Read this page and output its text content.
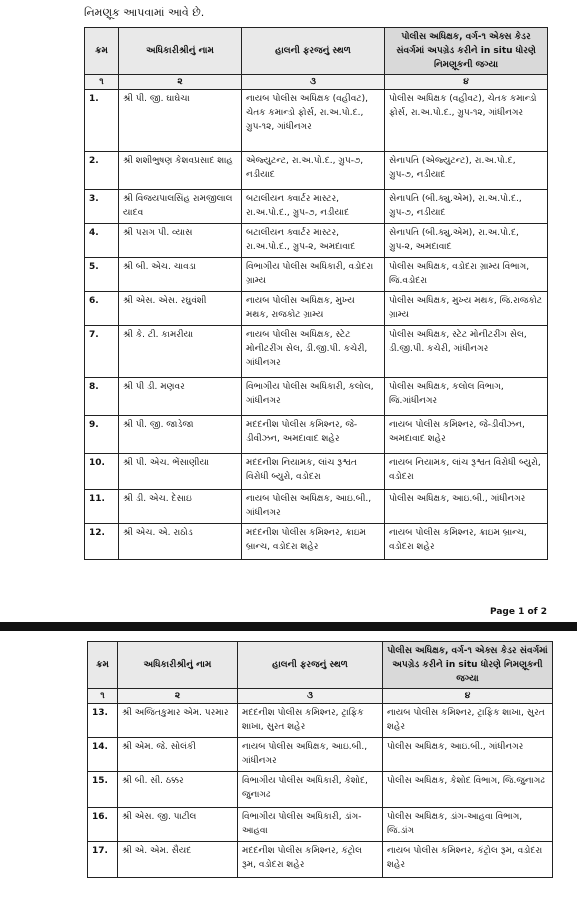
નિમણૂક આપવામાં આવે છે.
ક્રમ	અધિકારીશ્રીનું નામ	હાલની ફરજનું સ્થળ	પોલીસ અધિક્ષક, વર્ગ-૧ એક્સ કેડર સંવર્ગમાં અપગ્રેડ કરીને in situ ધોરણે નિમણૂકની જગ્યા
૧	૨	૩	૪
1.	શ્રી પી. જી. ઘાઘેચા	નાયબ પોલીસ અધિક્ષક (વહીવટ), ચેતક કમાન્ડો ફોર્સ, રા.અ.પો.દ., ગ્રુપ-૧૨, ગાંધીનગર	પોલીસ અધિક્ષક (વહીવટ), ચેતક કમાન્ડો ફોર્સ, રા.અ.પો.દ., ગ્રુપ-૧૨, ગાંધીનગર
2.	શ્રી શશીભુષણ કેશવપ્રસાદ શાહ	એજ્યુટન્ટ, રા.અ.પો.દ., ગ્રુપ-૭, નડીયાદ	સેનાપતિ (એજ્યુટન્ટ), રા.અ.પો.દ, ગ્રુપ-૭, નડીયાદ
3.	શ્રી વિજયપાલસિંહ રામજીલાલ યાદવ	બટાલીયન ક્વાર્ટર માસ્ટર, રા.અ.પો.દ., ગ્રુપ-૭, નડીયાદ	સેનાપતિ (બી.ક્યુ.એમ), રા.અ.પો.દ., ગ્રુપ-૭, નડીયાદ
4.	શ્રી પરાગ પી. વ્યાસ	બટાલીયન ક્વાર્ટર માસ્ટર, રા.અ.પો.દ., ગ્રુપ-૨, અમદાવાદ	સેનાપતિ (બી.ક્યુ.એમ), રા.અ.પો.દ, ગ્રુપ-૨, અમદાવાદ
5.	શ્રી બી. એચ. ચાવડા	વિભાગીય પોલીસ અધિકારી, વડોદરા ગ્રામ્ય	પોલીસ અધિક્ષક, વડોદરા ગ્રામ્ય વિભાગ, જિ.વડોદરા
6.	શ્રી એસ. એસ. રઘુવંશી	નાયબ પોલીસ અધિક્ષક, મુખ્ય મથક, રાજકોટ ગ્રામ્ય	પોલીસ અધિક્ષક, મુખ્ય મથક, જિ.રાજકોટ ગ્રામ્ય
7.	શ્રી કે. ટી. કામરીયા	નાયબ પોલીસ અધિક્ષક, સ્ટેટ મોનીટરીંગ સેલ, ડી.જી.પી. કચેરી, ગાંધીનગર	પોલીસ અધિક્ષક, સ્ટેટ મોનીટરીંગ સેલ, ડી.જી.પી. કચેરી, ગાંધીનગર
8.	શ્રી પી ડી. મણવર	વિભાગીય પોલીસ અધિકારી, કલોલ, ગાંધીનગર	પોલીસ અધિક્ષક, કલોલ વિભાગ, જિ.ગાંધીનગર
9.	શ્રી પી. જી. જાડેજા	મદદનીશ પોલીસ કમિશ્નર, જે-ડીવીઝન, અમદાવાદ શહેર	નાયબ પોલીસ કમિશ્નર, જે-ડીવીઝન, અમદાવાદ શહેર
10.	શ્રી પી. એચ. ભેંસાણીયા	મદદનીશ નિયામક, લાંચ રૂશ્વત વિરોધી બ્યુરો, વડોદરા	નાયબ નિયામક, લાંચ રૂશ્વત વિરોધી બ્યુરો, વડોદરા
11.	શ્રી ડી. એચ. દેસાઇ	નાયબ પોલીસ અધિક્ષક, આઇ.બી., ગાંધીનગર	પોલીસ અધિક્ષક, આઇ.બી., ગાંધીનગર
12.	શ્રી એચ. એ. રાઠોડ	મદદનીશ પોલીસ કમિશ્નર, ક્રાઇમ બ્રાન્ચ, વડોદરા શહેર	નાયબ પોલીસ કમિશ્નર, ક્રાઇમ બ્રાન્ચ, વડોદરા શહેર
Page 1 of 2
ક્રમ	અધિકારીશ્રીનું નામ	હાલની ફરજનું સ્થળ	પોલીસ અધિક્ષક, વર્ગ-૧ એક્સ કેડર સંવર્ગમાં અપગ્રેડ કરીને in situ ધોરણે નિમણૂકની જગ્યા
૧	૨	૩	૪
13.	શ્રી અજિતકુમાર એમ. પરમાર	મદદનીશ પોલીસ કમિશ્નર, ટ્રાફિક શાખા, સુરત શહેર	નાયબ પોલીસ કમિશ્નર, ટ્રાફિક શાખા, સુરત શહેર
14.	શ્રી એમ. જે. સોલંકી	નાયબ પોલીસ અધિક્ષક, આઇ.બી., ગાંધીનગર	પોલીસ અધિક્ષક, આઇ.બી., ગાંધીનગર
15.	શ્રી બી. સી. ઠક્કર	વિભાગીય પોલીસ અધિકારી, કેશોદ, જુનાગઢ	પોલીસ અધિક્ષક, કેશોદ વિભાગ, જિ.જુનાગઢ
16.	શ્રી એસ. જી. પાટીલ	વિભાગીય પોલીસ અધિકારી, ડાંગ-આહવા	પોલીસ અધિક્ષક, ડાંગ-આહવા વિભાગ, જિ.ડાંગ
17.	શ્રી એ. એમ. સૈયદ	મદદનીશ પોલીસ કમિશ્નર, કંટ્રોલ રૂમ, વડોદરા શહેર	નાયબ પોલીસ કમિશ્નર, કંટ્રોલ રૂમ, વડોદરા શહેર
